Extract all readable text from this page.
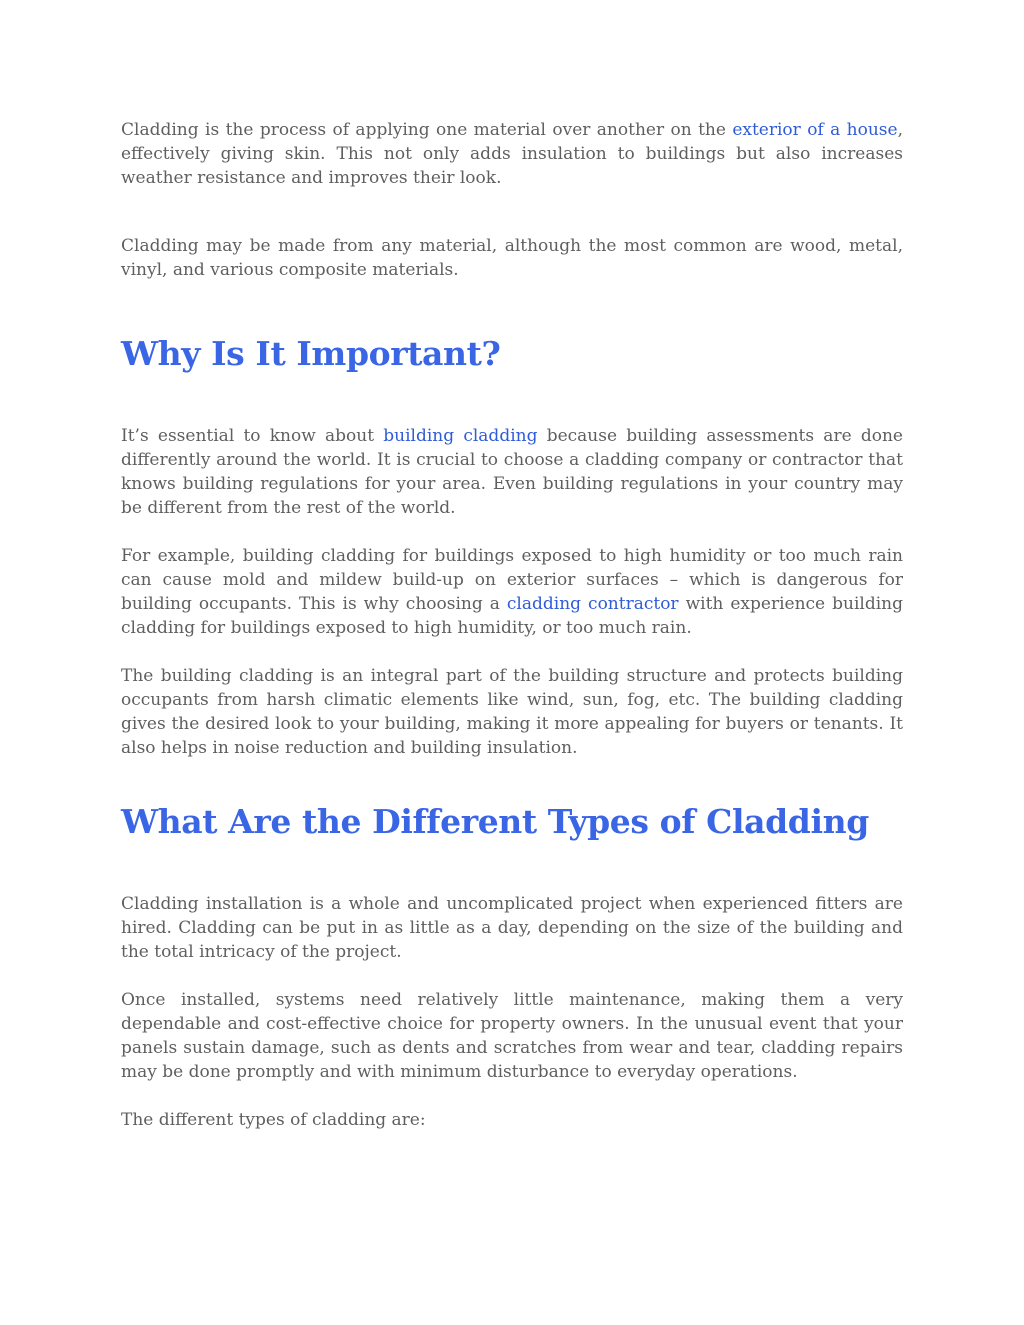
Cladding is the process of applying one material over another on the exterior of a house, effectively giving skin. This not only adds insulation to buildings but also increases weather resistance and improves their look.

Cladding may be made from any material, although the most common are wood, metal, vinyl, and various composite materials.

Why Is It Important?

It’s essential to know about building cladding because building assessments are done differently around the world. It is crucial to choose a cladding company or contractor that knows building regulations for your area. Even building regulations in your country may be different from the rest of the world.

For example, building cladding for buildings exposed to high humidity or too much rain can cause mold and mildew build-up on exterior surfaces – which is dangerous for building occupants. This is why choosing a cladding contractor with experience building cladding for buildings exposed to high humidity, or too much rain.

The building cladding is an integral part of the building structure and protects building occupants from harsh climatic elements like wind, sun, fog, etc. The building cladding gives the desired look to your building, making it more appealing for buyers or tenants. It also helps in noise reduction and building insulation.

What Are the Different Types of Cladding

Cladding installation is a whole and uncomplicated project when experienced fitters are hired. Cladding can be put in as little as a day, depending on the size of the building and the total intricacy of the project.

Once installed, systems need relatively little maintenance, making them a very dependable and cost-effective choice for property owners. In the unusual event that your panels sustain damage, such as dents and scratches from wear and tear, cladding repairs may be done promptly and with minimum disturbance to everyday operations.

The different types of cladding are:
